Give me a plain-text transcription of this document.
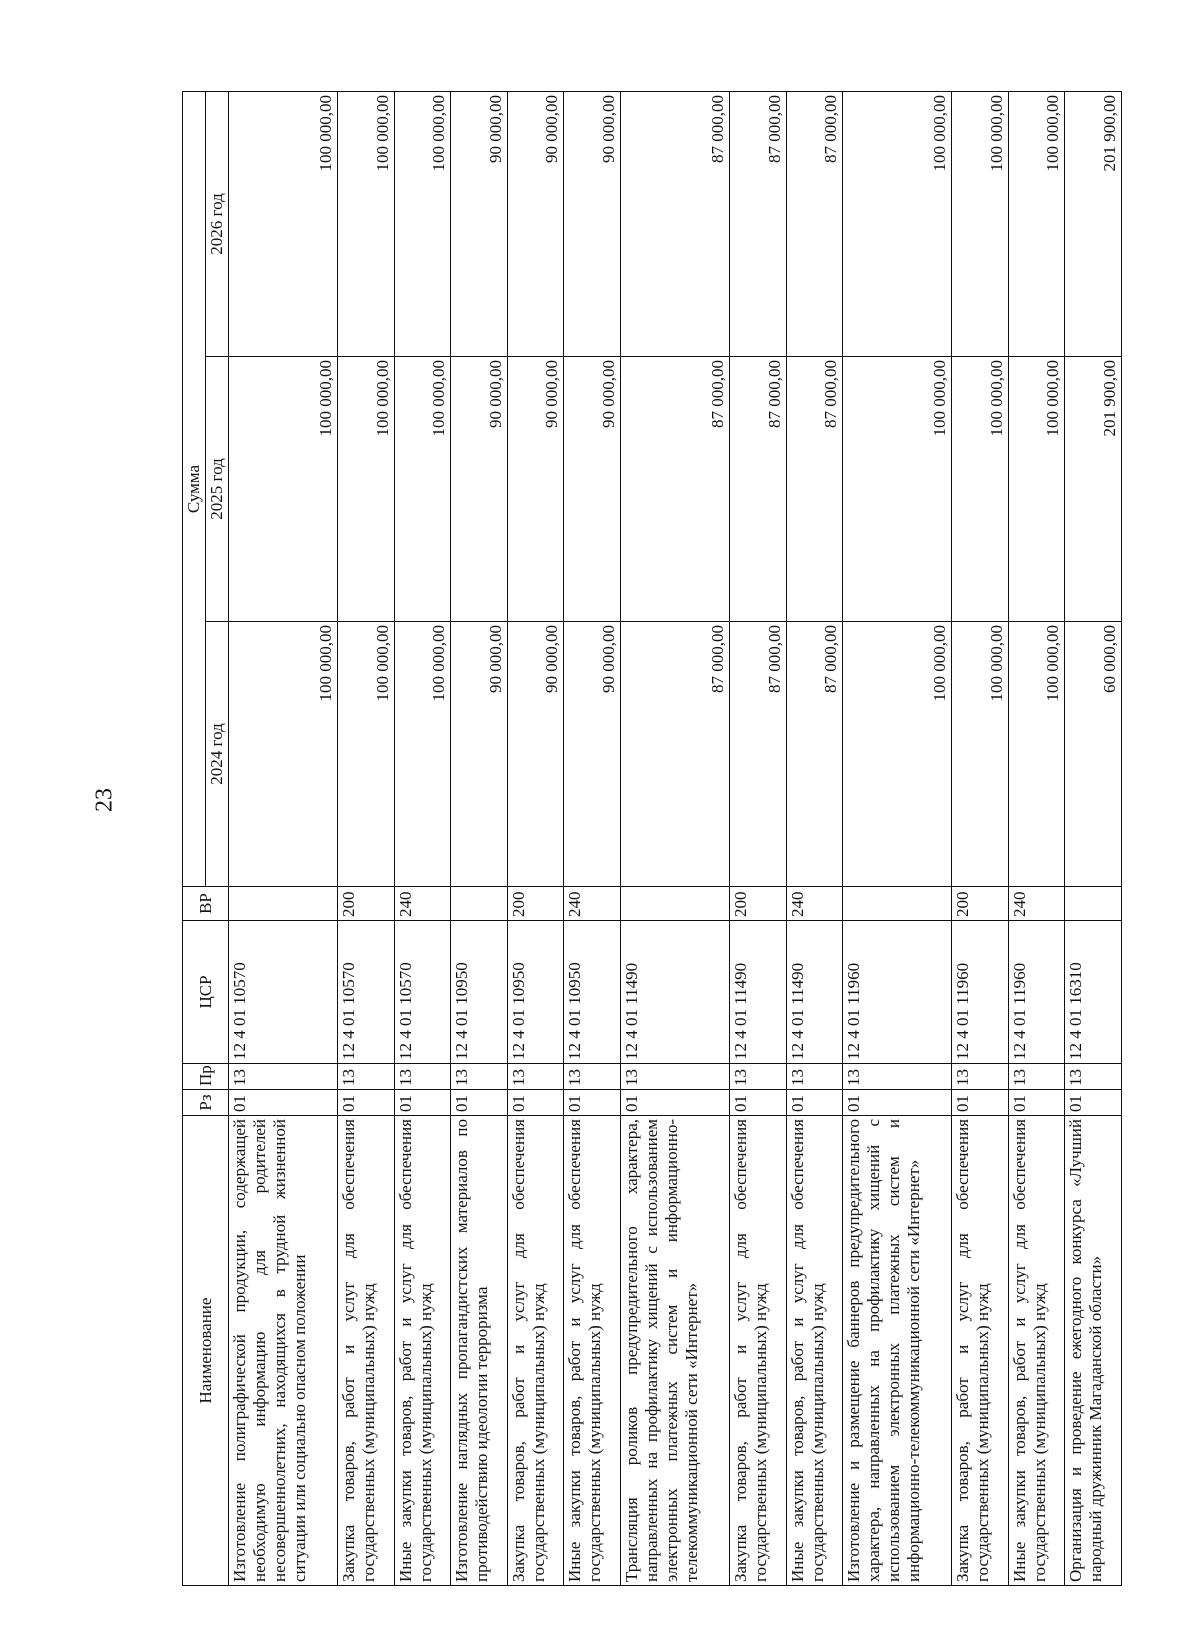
23
Наименование	Рз	Пр	ЦСР	ВР	Сумма		
					2024 год	2025 год	2026 год
Изготовление полиграфической продукции, содержащей необходимую информацию для родителей несовершеннолетних, находящихся в трудной жизненной ситуации или социально опасном положении	01	13	12 4 01 10570		100 000,00	100 000,00	100 000,00
Закупка товаров, работ и услуг для обеспечения государственных (муниципальных) нужд	01	13	12 4 01 10570	200	100 000,00	100 000,00	100 000,00
Иные закупки товаров, работ и услуг для обеспечения государственных (муниципальных) нужд	01	13	12 4 01 10570	240	100 000,00	100 000,00	100 000,00
Изготовление наглядных пропагандистских материалов по противодействию идеологии терроризма	01	13	12 4 01 10950		90 000,00	90 000,00	90 000,00
Закупка товаров, работ и услуг для обеспечения государственных (муниципальных) нужд	01	13	12 4 01 10950	200	90 000,00	90 000,00	90 000,00
Иные закупки товаров, работ и услуг для обеспечения государственных (муниципальных) нужд	01	13	12 4 01 10950	240	90 000,00	90 000,00	90 000,00
Трансляция роликов предупредительного характера, направленных на профилактику хищений с использованием электронных платежных систем и информационно-телекоммуникационной сети «Интернет»	01	13	12 4 01 11490		87 000,00	87 000,00	87 000,00
Закупка товаров, работ и услуг для обеспечения государственных (муниципальных) нужд	01	13	12 4 01 11490	200	87 000,00	87 000,00	87 000,00
Иные закупки товаров, работ и услуг для обеспечения государственных (муниципальных) нужд	01	13	12 4 01 11490	240	87 000,00	87 000,00	87 000,00
Изготовление и размещение баннеров предупредительного характера, направленных на профилактику хищений с использованием электронных платежных систем и информационно-телекоммуникационной сети «Интернет»	01	13	12 4 01 11960		100 000,00	100 000,00	100 000,00
Закупка товаров, работ и услуг для обеспечения государственных (муниципальных) нужд	01	13	12 4 01 11960	200	100 000,00	100 000,00	100 000,00
Иные закупки товаров, работ и услуг для обеспечения государственных (муниципальных) нужд	01	13	12 4 01 11960	240	100 000,00	100 000,00	100 000,00
Организация и проведение ежегодного конкурса «Лучший народный дружинник Магаданской области»	01	13	12 4 01 16310		60 000,00	201 900,00	201 900,00
